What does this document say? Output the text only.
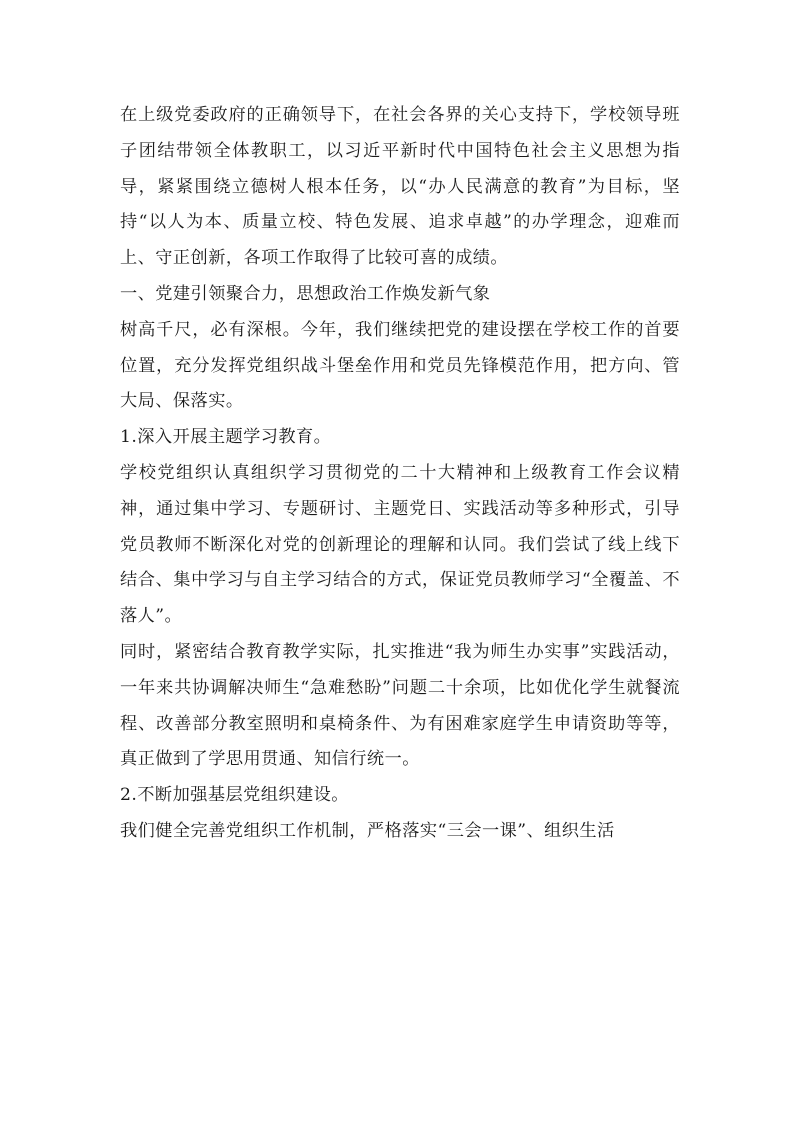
在上级党委政府的正确领导下，在社会各界的关心支持下，学校领导班子团结带领全体教职工，以习近平新时代中国特色社会主义思想为指导，紧紧围绕立德树人根本任务，以“办人民满意的教育”为目标，坚持“以人为本、质量立校、特色发展、追求卓越”的办学理念，迎难而上、守正创新，各项工作取得了比较可喜的成绩。

一、党建引领聚合力，思想政治工作焕发新气象

树高千尺，必有深根。今年，我们继续把党的建设摆在学校工作的首要位置，充分发挥党组织战斗堡垒作用和党员先锋模范作用，把方向、管大局、保落实。

1.深入开展主题学习教育。

学校党组织认真组织学习贯彻党的二十大精神和上级教育工作会议精神，通过集中学习、专题研讨、主题党日、实践活动等多种形式，引导党员教师不断深化对党的创新理论的理解和认同。我们尝试了线上线下结合、集中学习与自主学习结合的方式，保证党员教师学习“全覆盖、不落人”。

同时，紧密结合教育教学实际，扎实推进“我为师生办实事”实践活动，一年来共协调解决师生“急难愁盼”问题二十余项，比如优化学生就餐流程、改善部分教室照明和桌椅条件、为有困难家庭学生申请资助等等，真正做到了学思用贯通、知信行统一。

2.不断加强基层党组织建设。

我们健全完善党组织工作机制，严格落实“三会一课”、组织生活
